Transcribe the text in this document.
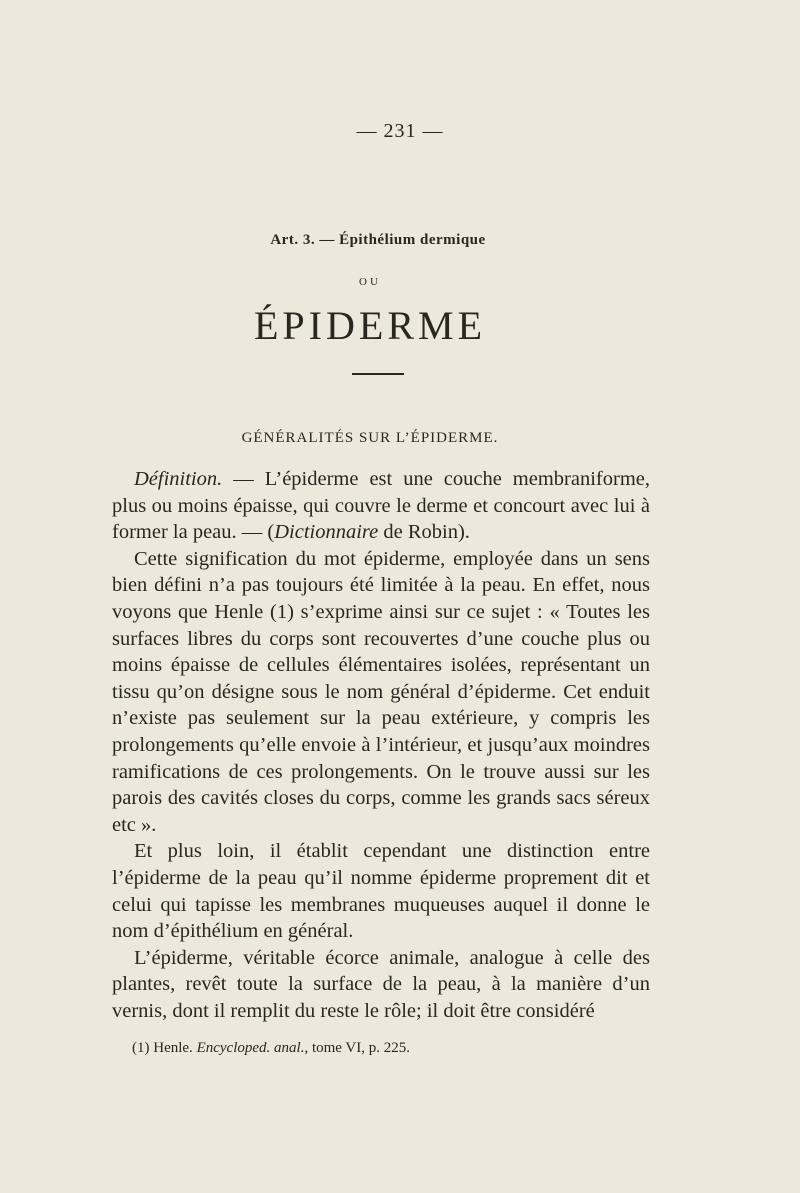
— 231 —
Art. 3. — Épithélium dermique
OU
ÉPIDERME
GÉNÉRALITÉS SUR L’ÉPIDERME.

Définition. — L’épiderme est une couche membraniforme, plus ou moins épaisse, qui couvre le derme et concourt avec lui à former la peau. — (Dictionnaire de Robin).

Cette signification du mot épiderme, employée dans un sens bien défini n’a pas toujours été limitée à la peau. En effet, nous voyons que Henle (1) s’exprime ainsi sur ce sujet : « Toutes les surfaces libres du corps sont recouvertes d’une couche plus ou moins épaisse de cellules élémentaires isolées, représentant un tissu qu’on désigne sous le nom général d’épiderme. Cet enduit n’existe pas seulement sur la peau extérieure, y compris les prolongements qu’elle envoie à l’intérieur, et jusqu’aux moindres ramifications de ces prolongements. On le trouve aussi sur les parois des cavités closes du corps, comme les grands sacs séreux etc ».

Et plus loin, il établit cependant une distinction entre l’épiderme de la peau qu’il nomme épiderme proprement dit et celui qui tapisse les membranes muqueuses auquel il donne le nom d’épithélium en général.

L’épiderme, véritable écorce animale, analogue à celle des plantes, revêt toute la surface de la peau, à la manière d’un vernis, dont il remplit du reste le rôle; il doit être considéré

(1) Henle. Encycloped. anal., tome VI, p. 225.
